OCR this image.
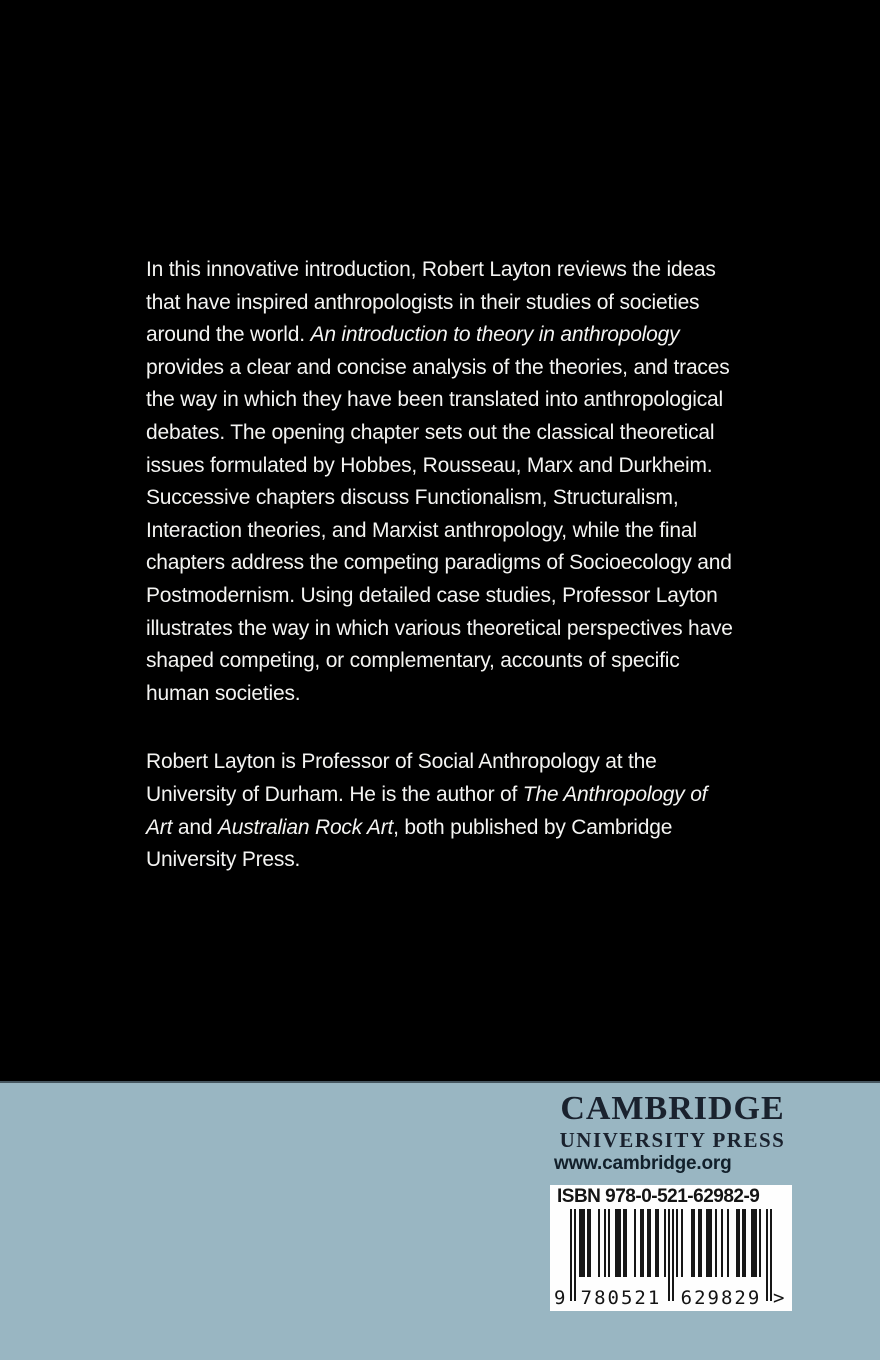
In this innovative introduction, Robert Layton reviews the ideas
that have inspired anthropologists in their studies of societies
around the world. An introduction to theory in anthropology
provides a clear and concise analysis of the theories, and traces
the way in which they have been translated into anthropological
debates. The opening chapter sets out the classical theoretical
issues formulated by Hobbes, Rousseau, Marx and Durkheim.
Successive chapters discuss Functionalism, Structuralism,
Interaction theories, and Marxist anthropology, while the final
chapters address the competing paradigms of Socioecology and
Postmodernism. Using detailed case studies, Professor Layton
illustrates the way in which various theoretical perspectives have
shaped competing, or complementary, accounts of specific
human societies.
Robert Layton is Professor of Social Anthropology at the
University of Durham. He is the author of The Anthropology of
Art and Australian Rock Art, both published by Cambridge
University Press.
CAMBRIDGE
UNIVERSITY PRESS
www.cambridge.org
ISBN 978-0-521-62982-9
9 780521 629829 >
